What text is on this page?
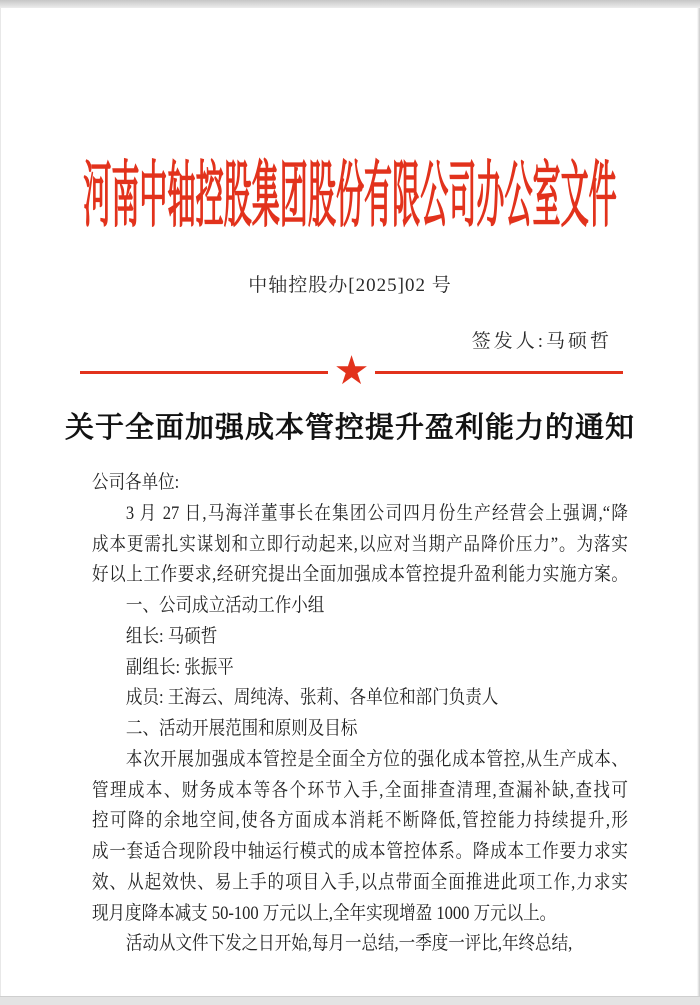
河南中轴控股集团股份有限公司办公室文件
中轴控股办[2025]02 号
签发人:马硕哲
★
关于全面加强成本管控提升盈利能力的通知
公司各单位:
3 月 27 日,马海洋董事长在集团公司四月份生产经营会上强调,“降
成本更需扎实谋划和立即行动起来,以应对当期产品降价压力”。为落实
好以上工作要求,经研究提出全面加强成本管控提升盈利能力实施方案。
一、公司成立活动工作小组
组长: 马硕哲
副组长: 张振平
成员: 王海云、周纯涛、张莉、各单位和部门负责人
二、活动开展范围和原则及目标
本次开展加强成本管控是全面全方位的强化成本管控,从生产成本、
管理成本、财务成本等各个环节入手,全面排查清理,查漏补缺,查找可
控可降的余地空间,使各方面成本消耗不断降低,管控能力持续提升,形
成一套适合现阶段中轴运行模式的成本管控体系。降成本工作要力求实
效、从起效快、易上手的项目入手,以点带面全面推进此项工作,力求实
现月度降本减支 50-100 万元以上,全年实现增盈 1000 万元以上。
活动从文件下发之日开始,每月一总结,一季度一评比,年终总结,
